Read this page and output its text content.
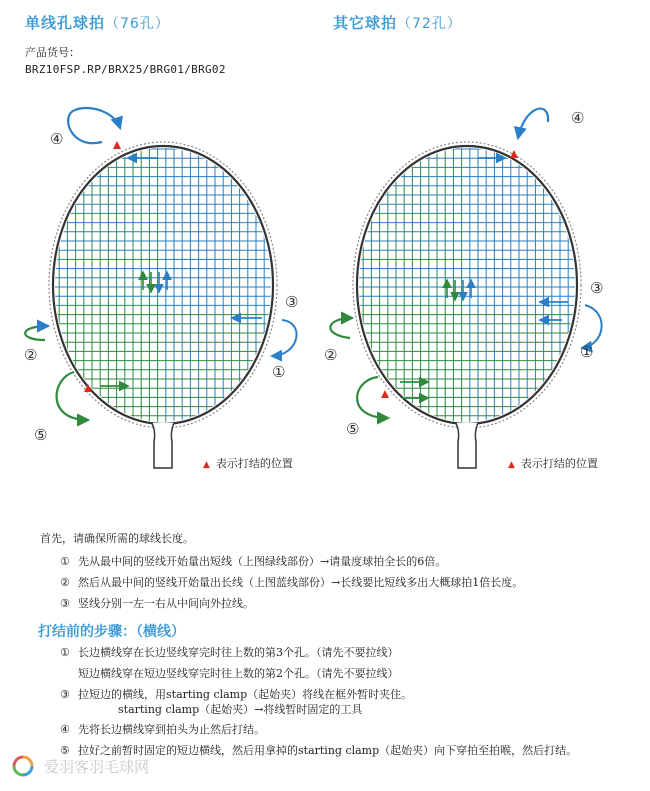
单线孔球拍（76孔）	其它球拍（72孔）
产品货号：
BRZ10FSP.RP/BRX25/BRG01/BRG02
④
③
②
①
⑤
④
③
②	①
⑤
▲ 表示打结的位置	▲ 表示打结的位置
首先，请确保所需的球线长度。
① 先从最中间的竖线开始量出短线（上图绿线部份）→请量度球拍全长的6倍。
② 然后从最中间的竖线开始量出长线（上图蓝线部份）→长线要比短线多出大概球拍1倍长度。
③ 竖线分别一左一右从中间向外拉线。
打结前的步骤：（横线）
① 长边横线穿在长边竖线穿完时往上数的第3个孔。（请先不要拉线）
短边横线穿在短边竖线穿完时往上数的第2个孔。（请先不要拉线）
③ 拉短边的横线，用starting clamp（起始夹）将线在框外暂时夹住。
starting clamp（起始夹）→将线暂时固定的工具
④ 先将长边横线穿到拍头为止然后打结。
⑤ 拉好之前暂时固定的短边横线，然后用拿掉的starting clamp（起始夹）向下穿拍至拍喉，然后打结。
爱羽客羽毛球网
